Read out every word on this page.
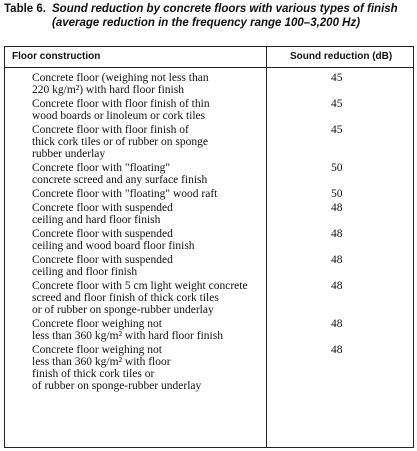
Table 6. Sound reduction by concrete floors with various types of finish (average reduction in the frequency range 100–3,200 Hz)
Floor construction	Sound reduction (dB)
Concrete floor (weighing not less than
220 kg/m²) with hard floor finish
45
Concrete floor with floor finish of thin
wood boards or linoleum or cork tiles
45
Concrete floor with floor finish of
thick cork tiles or of rubber on sponge
rubber underlay
45
Concrete floor with "floating"
concrete screed and any surface finish
50
Concrete floor with "floating" wood raft	50
Concrete floor with suspended
ceiling and hard floor finish
48
Concrete floor with suspended
ceiling and wood board floor finish
48
Concrete floor with suspended
ceiling and floor finish
48
Concrete floor with 5 cm light weight concrete
screed and floor finish of thick cork tiles
or of rubber on sponge-rubber underlay
48
Concrete floor weighing not
less than 360 kg/m² with hard floor finish
48
Concrete floor weighing not
less than 360 kg/m² with floor
finish of thick cork tiles or
of rubber on sponge-rubber underlay
48
